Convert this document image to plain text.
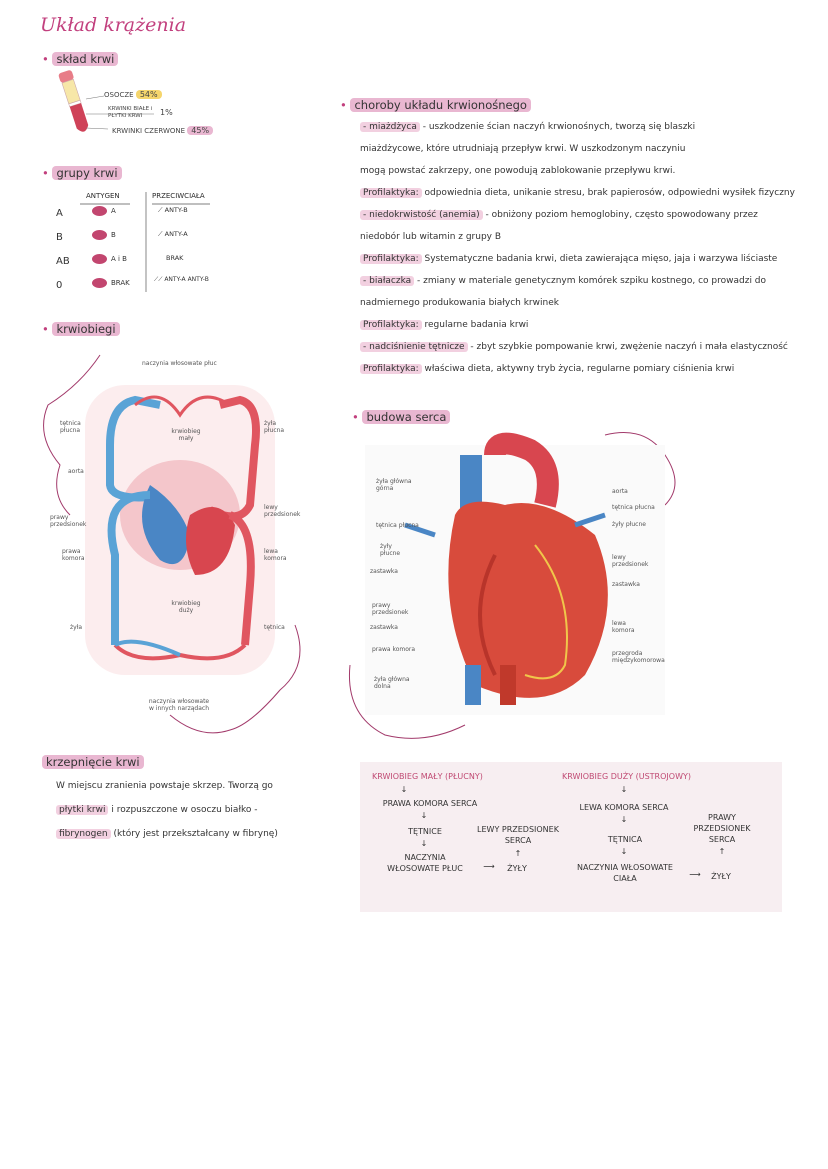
Układ krążenia
• skład krwi
OSOCZE 54%
KRWINKI BIAŁE i
PŁYTKI KRWI	1%
KRWINKI CZERWONE 45%
• grupy krwi
ANTYGEN	PRZECIWCIAŁA
A	A	⟋ ANTY-B
B	B	⟋ ANTY-A
AB	A i B	BRAK
0	BRAK	⟋⟋ ANTY-A ANTY-B
• krwiobiegi
naczynia włosowate płuc
tętnica płucna
żyła płucna
krwiobieg mały
aorta
lewy przedsionek
prawy przedsionek
prawa komora
lewa komora
krwiobieg duży
żyła	tętnica
naczynia włosowate w innych narządach
krzepnięcie krwi
W miejscu zranienia powstaje skrzep. Tworzą go
płytki krwi i rozpuszczone w osoczu białko -
fibrynogen (który jest przekształcany w fibrynę)
• choroby układu krwionośnego
- miażdżyca - uszkodzenie ścian naczyń krwionośnych, tworzą się blaszki
miażdżycowe, które utrudniają przepływ krwi. W uszkodzonym naczyniu
mogą powstać zakrzepy, one powodują zablokowanie przepływu krwi.
Profilaktyka: odpowiednia dieta, unikanie stresu, brak papierosów, odpowiedni wysiłek fizyczny
- niedokrwistość (anemia) - obniżony poziom hemoglobiny, często spowodowany przez
niedobór lub witamin z grupy B
Profilaktyka: Systematyczne badania krwi, dieta zawierająca mięso, jaja i warzywa liściaste
- białaczka - zmiany w materiale genetycznym komórek szpiku kostnego, co prowadzi do
nadmiernego produkowania białych krwinek
Profilaktyka: regularne badania krwi
- nadciśnienie tętnicze - zbyt szybkie pompowanie krwi, zwężenie naczyń i mała elastyczność
Profilaktyka: właściwa dieta, aktywny tryb życia, regularne pomiary ciśnienia krwi
• budowa serca
żyła główna górna
tętnica płucna
żyły płucne
zastawka
prawy przedsionek
zastawka
prawa komora
żyła główna dolna
aorta
tętnica płucna
żyły płucne
lewy przedsionek
zastawka
lewa komora
przegroda międzykomorowa
KRWIOBIEG MAŁY (PŁUCNY)
↓
PRAWA KOMORA SERCA
↓
TĘTNICE
↓
NACZYNIA
WŁOSOWATE PŁUC	⟶	ŻYŁY
↑
LEWY PRZEDSIONEK
SERCA
KRWIOBIEG DUŻY (USTROJOWY)
↓
LEWA KOMORA SERCA
↓
TĘTNICA
↓
NACZYNIA WŁOSOWATE
CIAŁA	⟶	ŻYŁY
↑
PRAWY
PRZEDSIONEK
SERCA
